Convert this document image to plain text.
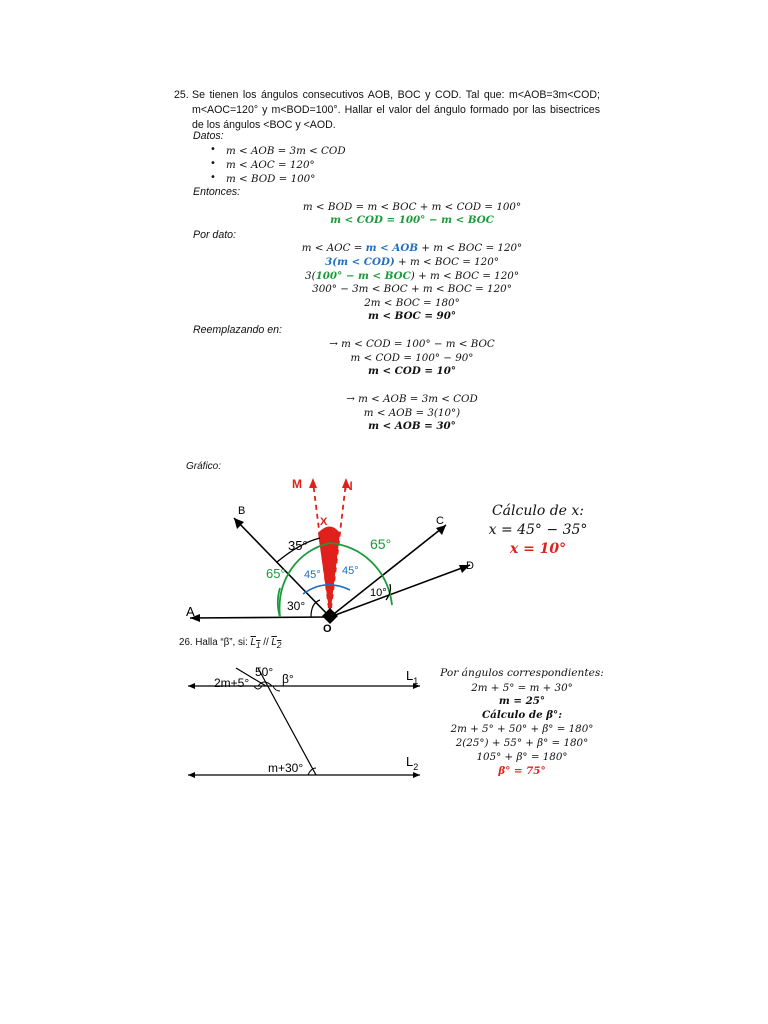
25. Se tienen los ángulos consecutivos AOB, BOC y COD. Tal que: m<AOB=3m<COD; m<AOC=120° y m<BOD=100°. Hallar el valor del ángulo formado por las bisectrices de los ángulos <BOC y <AOD.
Datos:
• m < AOB = 3m < COD
• m < AOC = 120°
• m < BOD = 100°
Entonces:
m < BOD = m < BOC + m < COD = 100°
m < COD = 100° − m < BOC
Por dato:
m < AOC = m < AOB + m < BOC = 120°
3(m < COD) + m < BOC = 120°
3(100° − m < BOC) + m < BOC = 120°
300° − 3m < BOC + m < BOC = 120°
2m < BOC = 180°
m < BOC = 90°
Reemplazando en:
→ m < COD = 100° − m < BOC
m < COD = 100° − 90°
m < COD = 10°
→ m < AOB = 3m < COD
m < AOB = 3(10°)
m < AOB = 30°
Gráfico:
A
B
C
D
O
M	N
X
35°	65°
65° 45° 45°
30°
10°
Cálculo de x:
x = 45° − 35°
x = 10°
26. Halla “β”, si: $L_1 // L_2$
50°
2m+5°	β°
m+30°
$L_1$
$L_2$
Por ángulos correspondientes:
2m + 5° = m + 30°
m = 25°
Cálculo de β°:
2m + 5° + 50° + β° = 180°
2(25°) + 55° + β° = 180°
105° + β° = 180°
β° = 75°
